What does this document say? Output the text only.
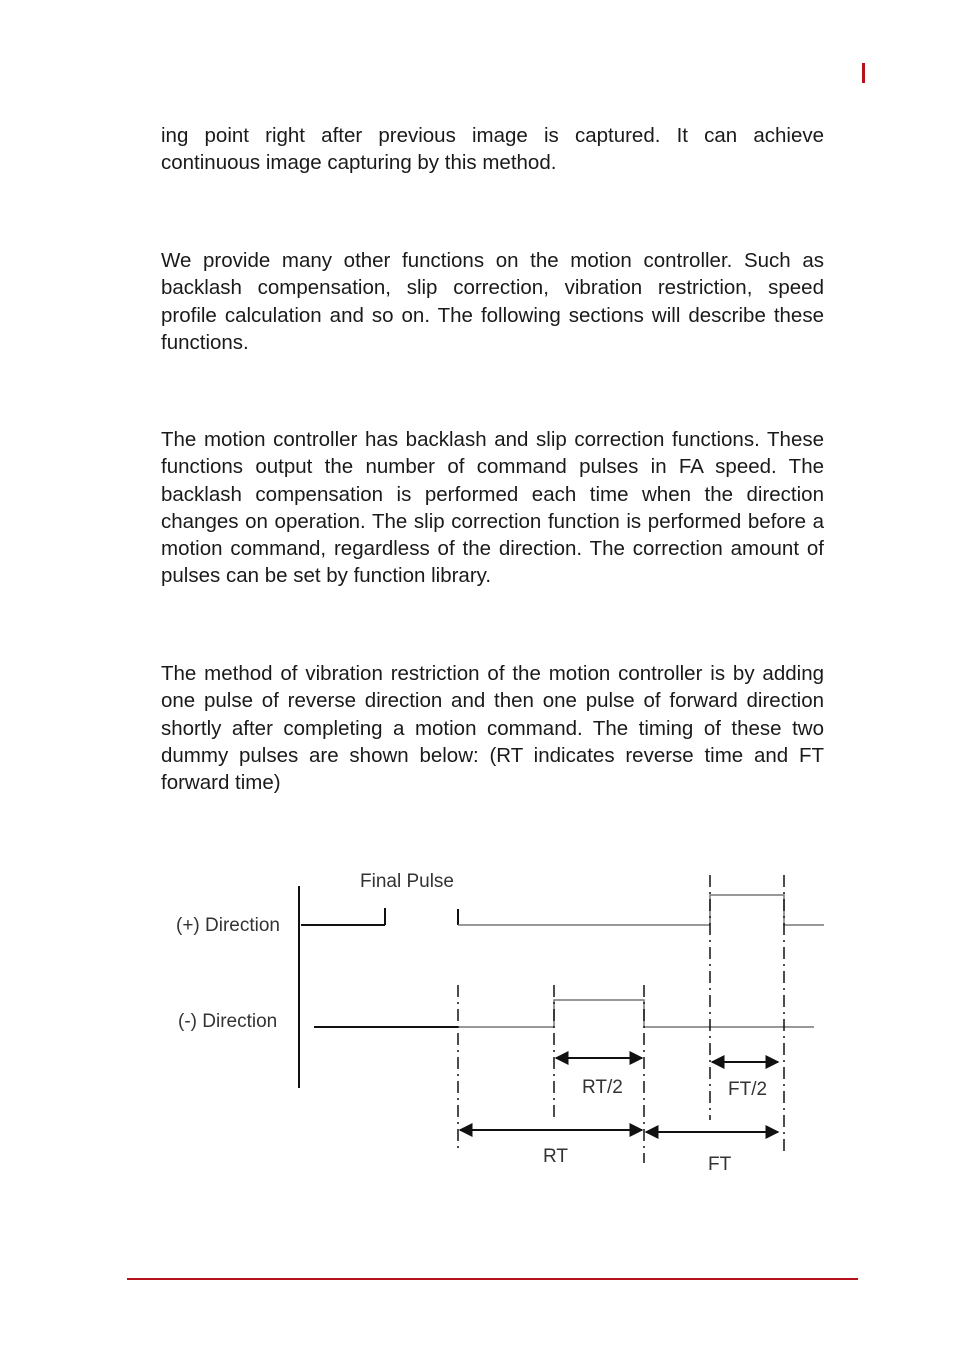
ing point right after previous image is captured. It can achieve continuous image capturing by this method.

We provide many other functions on the motion controller. Such as backlash compensation, slip correction, vibration restriction, speed profile calculation and so on. The following sections will describe these functions.

The motion controller has backlash and slip correction functions. These functions output the number of command pulses in FA speed. The backlash compensation is performed each time when the direction changes on operation. The slip correction function is performed before a motion command, regardless of the direction. The correction amount of pulses can be set by function library.

The method of vibration restriction of the motion controller is by adding one pulse of reverse direction and then one pulse of forward direction shortly after completing a motion command. The timing of these two dummy pulses are shown below: (RT indicates reverse time and FT forward time)

Final Pulse
(+) Direction
(-) Direction
RT/2	FT/2
RT	FT
